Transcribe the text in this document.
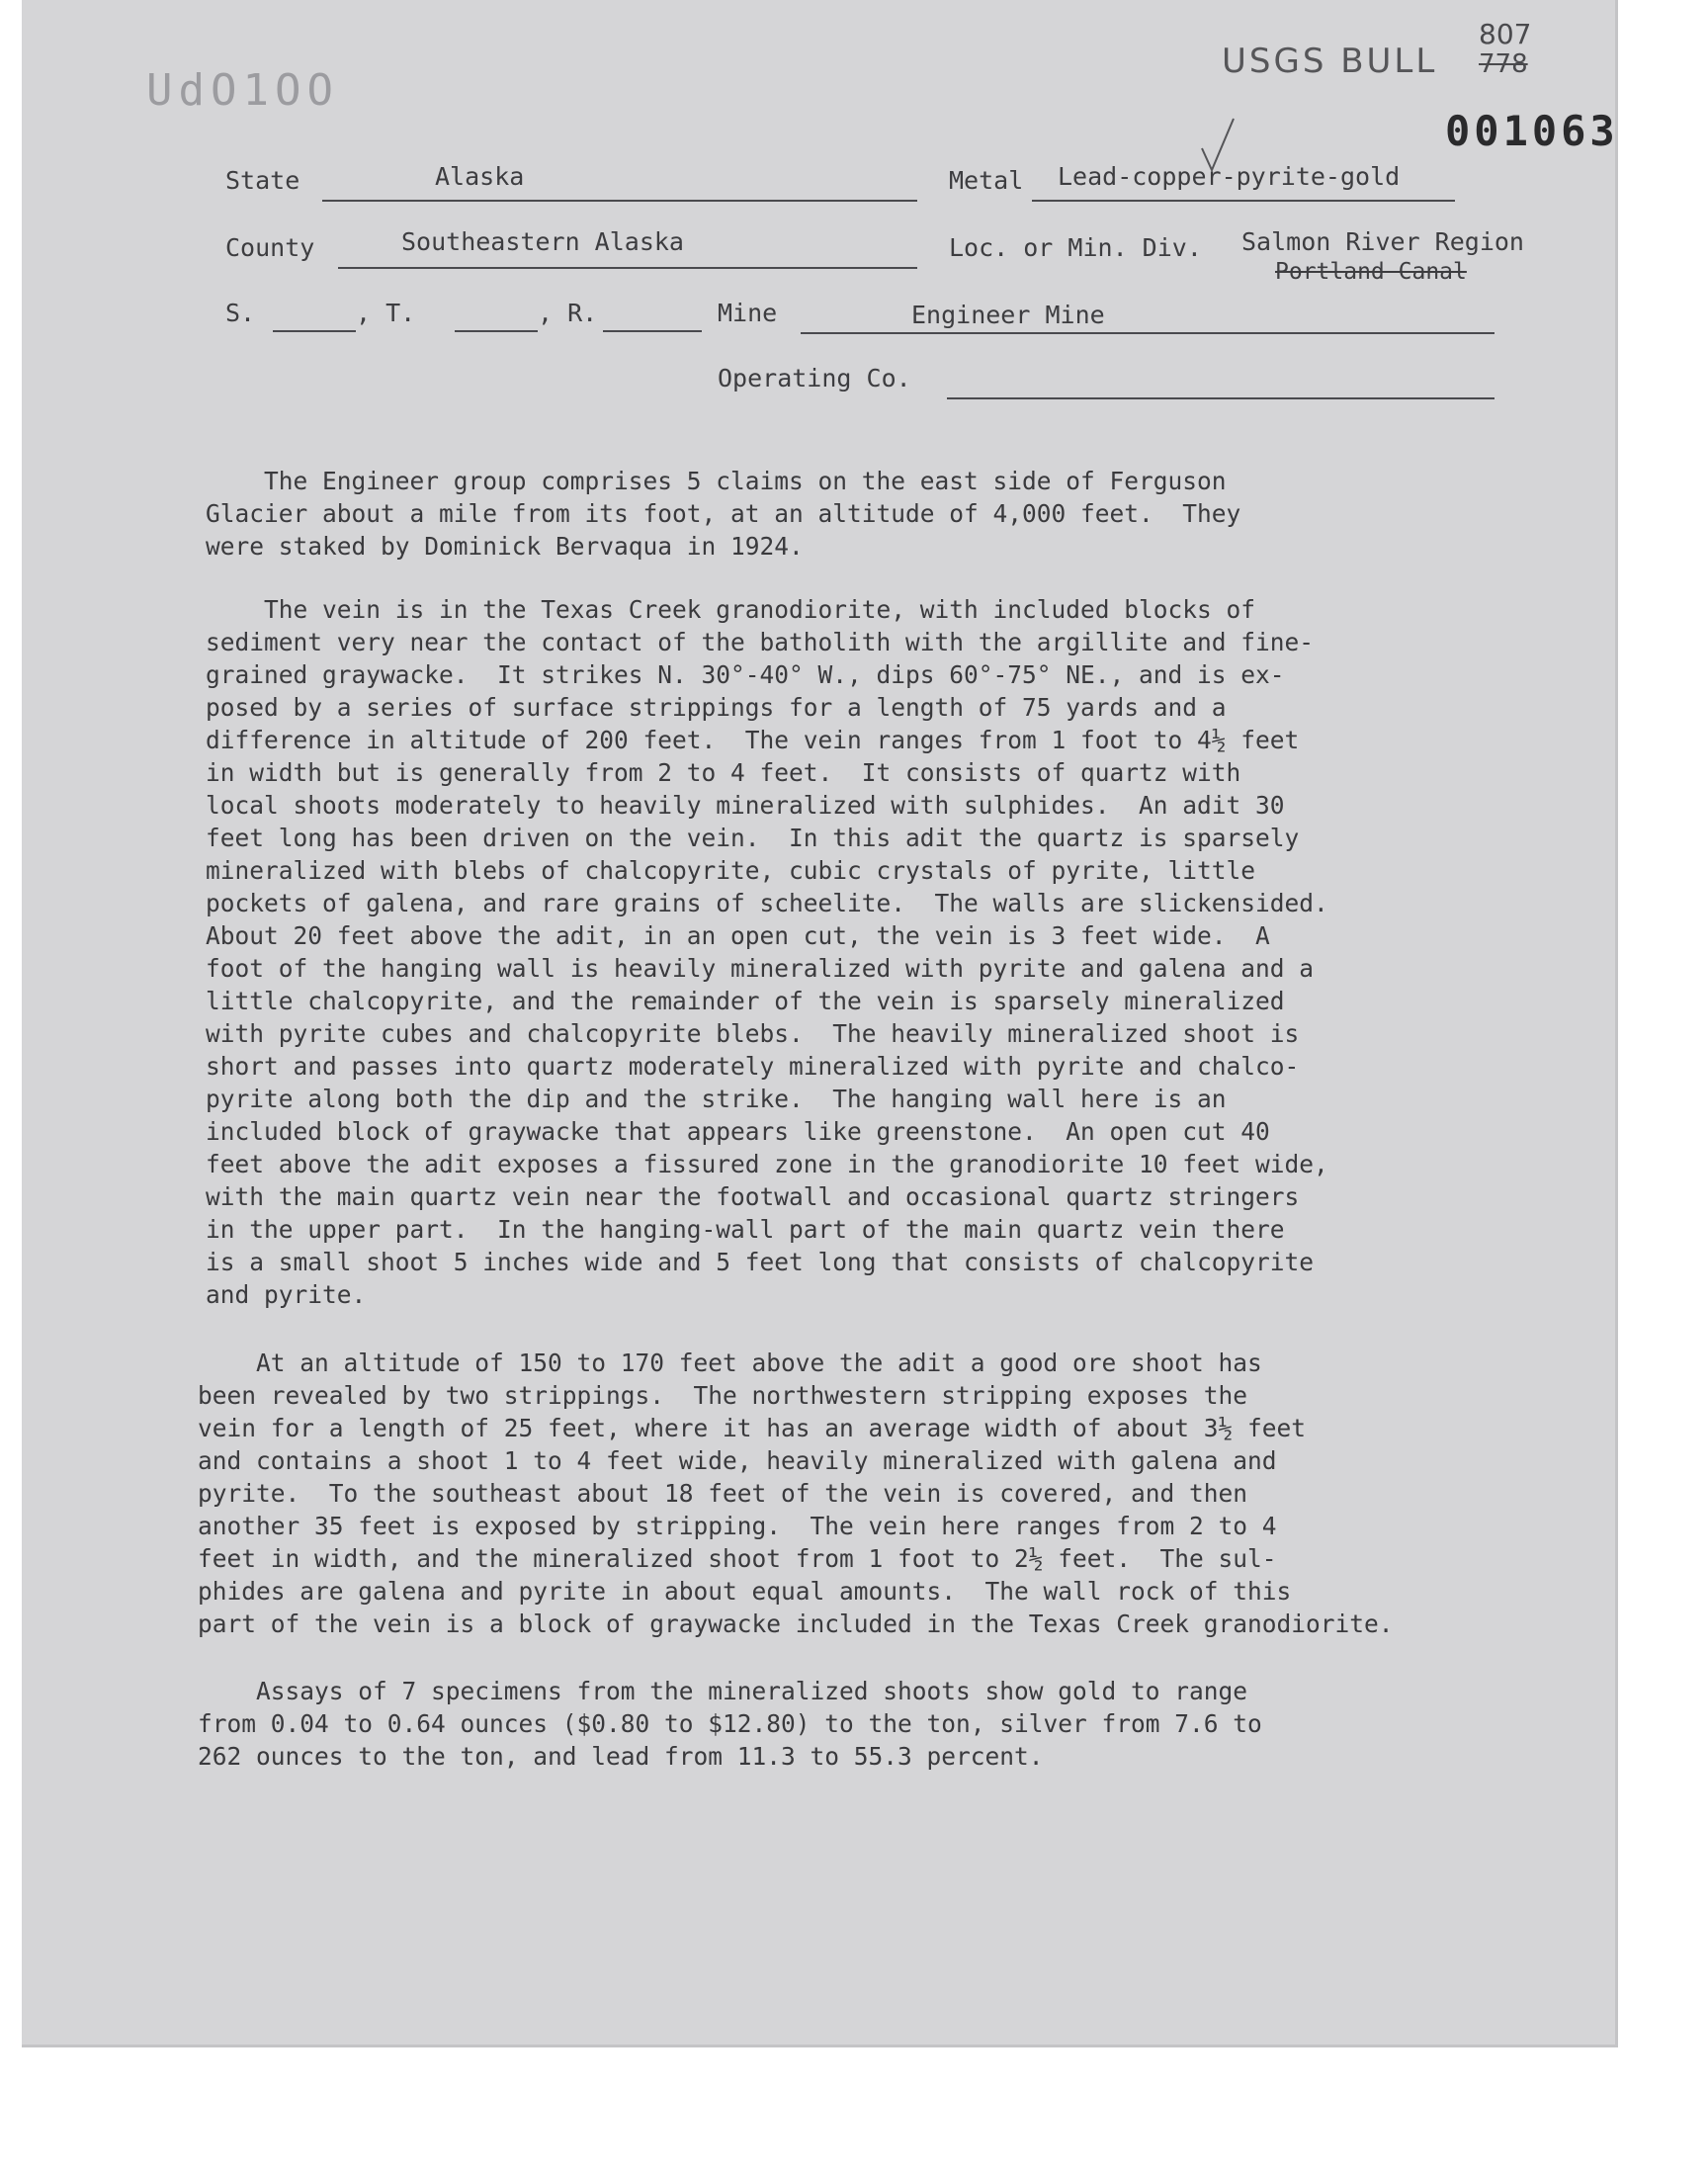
UdO1OO
USGS BULL
807
778
001063
State	Alaska	Metal Lead-copper-pyrite-gold
County	Southeastern Alaska	Loc. or Min. Div. Salmon River Region
Portland Canal
S.	, T.	, R.	Mine	Engineer Mine
Operating Co.
The Engineer group comprises 5 claims on the east side of Ferguson
Glacier about a mile from its foot, at an altitude of 4,000 feet.  They
were staked by Dominick Bervaqua in 1924.
The vein is in the Texas Creek granodiorite, with included blocks of
sediment very near the contact of the batholith with the argillite and fine-
grained graywacke.  It strikes N. 30°-40° W., dips 60°-75° NE., and is ex-
posed by a series of surface strippings for a length of 75 yards and a
difference in altitude of 200 feet.  The vein ranges from 1 foot to 4½ feet
in width but is generally from 2 to 4 feet.  It consists of quartz with
local shoots moderately to heavily mineralized with sulphides.  An adit 30
feet long has been driven on the vein.  In this adit the quartz is sparsely
mineralized with blebs of chalcopyrite, cubic crystals of pyrite, little
pockets of galena, and rare grains of scheelite.  The walls are slickensided.
About 20 feet above the adit, in an open cut, the vein is 3 feet wide.  A
foot of the hanging wall is heavily mineralized with pyrite and galena and a
little chalcopyrite, and the remainder of the vein is sparsely mineralized
with pyrite cubes and chalcopyrite blebs.  The heavily mineralized shoot is
short and passes into quartz moderately mineralized with pyrite and chalco-
pyrite along both the dip and the strike.  The hanging wall here is an
included block of graywacke that appears like greenstone.  An open cut 40
feet above the adit exposes a fissured zone in the granodiorite 10 feet wide,
with the main quartz vein near the footwall and occasional quartz stringers
in the upper part.  In the hanging-wall part of the main quartz vein there
is a small shoot 5 inches wide and 5 feet long that consists of chalcopyrite
and pyrite.
At an altitude of 150 to 170 feet above the adit a good ore shoot has
been revealed by two strippings.  The northwestern stripping exposes the
vein for a length of 25 feet, where it has an average width of about 3½ feet
and contains a shoot 1 to 4 feet wide, heavily mineralized with galena and
pyrite.  To the southeast about 18 feet of the vein is covered, and then
another 35 feet is exposed by stripping.  The vein here ranges from 2 to 4
feet in width, and the mineralized shoot from 1 foot to 2½ feet.  The sul-
phides are galena and pyrite in about equal amounts.  The wall rock of this
part of the vein is a block of graywacke included in the Texas Creek granodiorite.
Assays of 7 specimens from the mineralized shoots show gold to range
from 0.04 to 0.64 ounces ($0.80 to $12.80) to the ton, silver from 7.6 to
262 ounces to the ton, and lead from 11.3 to 55.3 percent.
